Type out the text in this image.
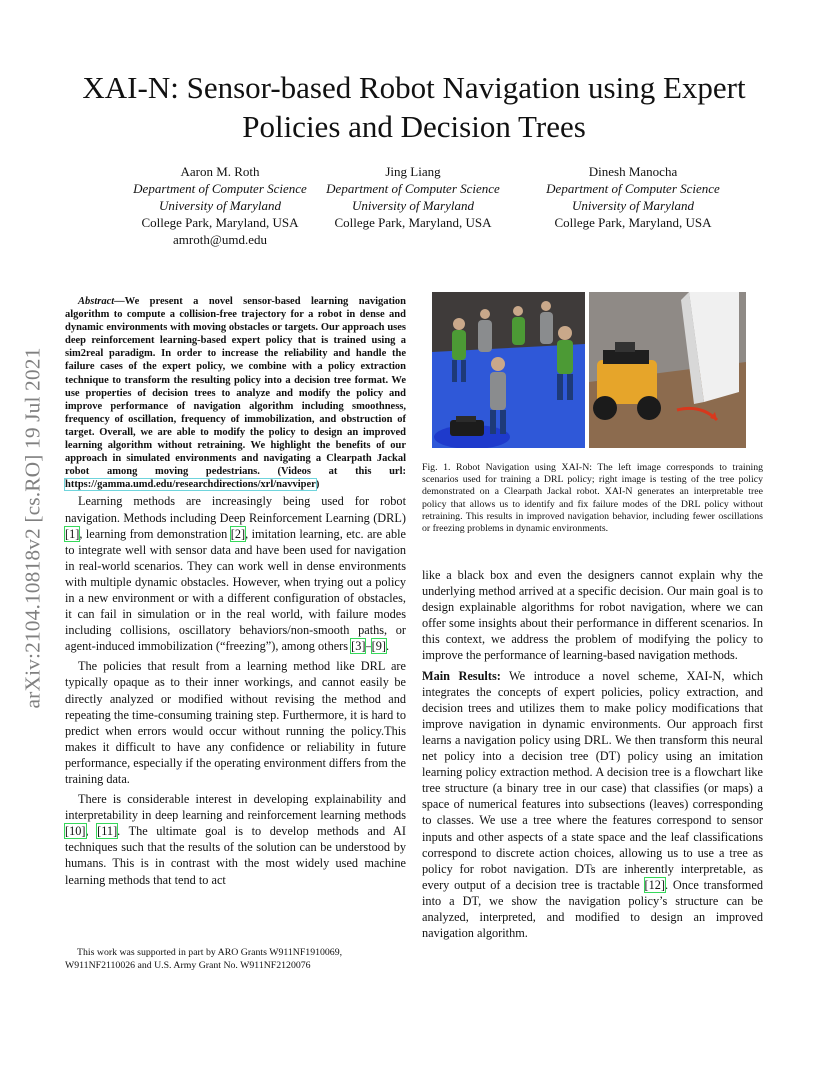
arXiv:2104.10818v2 [cs.RO] 19 Jul 2021
XAI-N: Sensor-based Robot Navigation using Expert Policies and Decision Trees
Aaron M. Roth
Department of Computer Science
University of Maryland
College Park, Maryland, USA
amroth@umd.edu
Jing Liang
Department of Computer Science
University of Maryland
College Park, Maryland, USA
Dinesh Manocha
Department of Computer Science
University of Maryland
College Park, Maryland, USA

Abstract—We present a novel sensor-based learning navigation algorithm to compute a collision-free trajectory for a robot in dense and dynamic environments with moving obstacles or targets. Our approach uses deep reinforcement learning-based expert policy that is trained using a sim2real paradigm. In order to increase the reliability and handle the failure cases of the expert policy, we combine with a policy extraction technique to transform the resulting policy into a decision tree format. We use properties of decision trees to analyze and modify the policy and improve performance of navigation algorithm including smoothness, frequency of oscillation, frequency of immobilization, and obstruction of target. Overall, we are able to modify the policy to design an improved learning algorithm without retraining. We highlight the benefits of our approach in simulated environments and navigating a Clearpath Jackal robot among moving pedestrians. (Videos at this url: https://gamma.umd.edu/researchdirections/xrl/navviper)

Learning methods are increasingly being used for robot navigation. Methods including Deep Reinforcement Learning (DRL) [1], learning from demonstration [2], imitation learning, etc. are able to integrate well with sensor data and have been used for navigation in real-world scenarios. They can work well in dense environments with multiple dynamic obstacles. However, when trying out a policy in a new environment or with a different configuration of obstacles, it can fail in simulation or in the real world, with failure modes including collisions, oscillatory behaviors/non-smooth paths, or agent-induced immobilization (“freezing”), among others [3]–[9].

The policies that result from a learning method like DRL are typically opaque as to their inner workings, and cannot easily be directly analyzed or modified without revising the method and repeating the time-consuming training step. Furthermore, it is hard to predict when errors would occur without running the policy.This makes it difficult to have any confidence or reliability in future performance, especially if the operating environment differs from the training data.

There is considerable interest in developing explainability and interpretability in deep learning and reinforcement learning methods [10], [11]. The ultimate goal is to develop methods and AI techniques such that the results of the solution can be understood by humans. This is in contrast with the most widely used machine learning methods that tend to act

This work was supported in part by ARO Grants W911NF1910069, W911NF2110026 and U.S. Army Grant No. W911NF2120076
Fig. 1. Robot Navigation using XAI-N: The left image corresponds to training scenarios used for training a DRL policy; right image is testing of the tree policy demonstrated on a Clearpath Jackal robot. XAI-N generates an interpretable tree policy that allows us to identify and fix failure modes of the DRL policy without retraining. This results in improved navigation behavior, including fewer oscillations or freezing problems in dynamic environments.

like a black box and even the designers cannot explain why the underlying method arrived at a specific decision. Our main goal is to design explainable algorithms for robot navigation, where we can offer some insights about their performance in different scenarios. In this context, we address the problem of modifying the policy to improve the performance of learning-based navigation methods.

Main Results: We introduce a novel scheme, XAI-N, which integrates the concepts of expert policies, policy extraction, and decision trees and utilizes them to make policy modifications that improve navigation in dynamic environments. Our approach first learns a navigation policy using DRL. We then transform this neural net policy into a decision tree (DT) policy using an imitation learning policy extraction method. A decision tree is a flowchart like tree structure (a binary tree in our case) that classifies (or maps) a space of numerical features into subsections (leaves) corresponding to classes. We use a tree where the features correspond to sensor inputs and other aspects of a state space and the leaf classifications correspond to discrete action choices, allowing us to use a tree as policy for robot navigation. DTs are inherently interpretable, as every output of a decision tree is tractable [12]. Once transformed into a DT, we show the navigation policy’s structure can be analyzed, interpreted, and modified to design an improved navigation algorithm.
